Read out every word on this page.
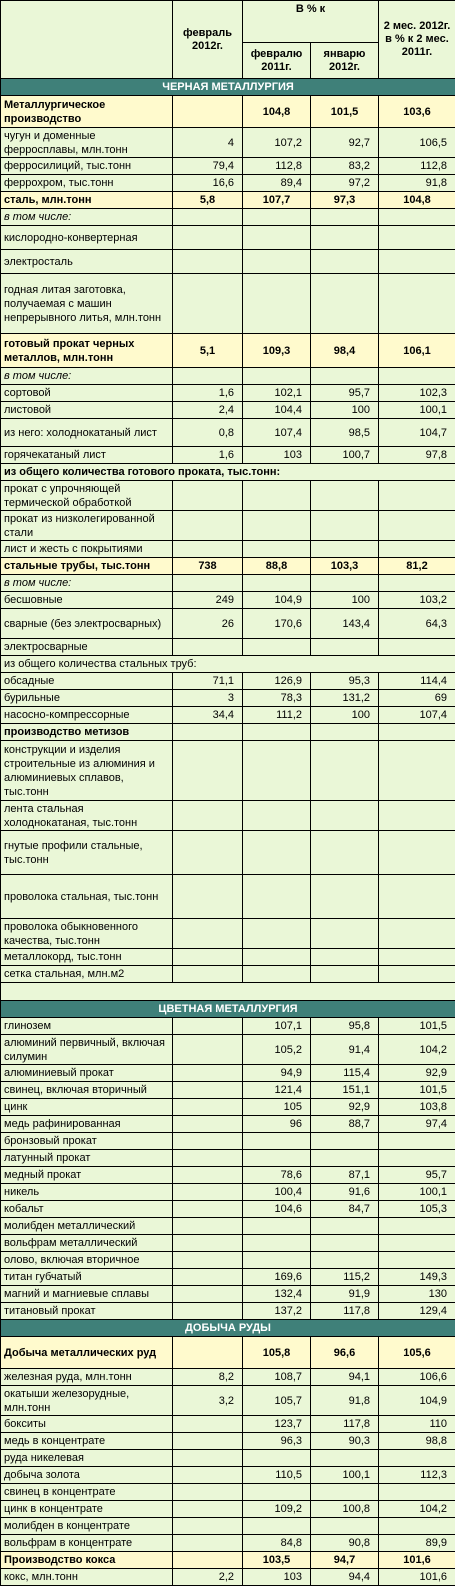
	февраль 2012г.	В % к		2 мес. 2012г. в % к 2 мес. 2011г.
		февралю 2011г.	январю 2012г.	
ЧЕРНАЯ МЕТАЛЛУРГИЯ				
Металлургическое производство		104,8	101,5	103,6
чугун и доменные ферросплавы, млн.тонн	4	107,2	92,7	106,5
ферросилиций, тыс.тонн	79,4	112,8	83,2	112,8
феррохром, тыс.тонн	16,6	89,4	97,2	91,8
сталь, млн.тонн	5,8	107,7	97,3	104,8
в том числе:				
кислородно-конвертерная				
электросталь				
годная литая заготовка, получаемая с машин непрерывного литья, млн.тонн				
готовый прокат черных металлов, млн.тонн	5,1	109,3	98,4	106,1
в том числе:				
сортовой	1,6	102,1	95,7	102,3
листовой	2,4	104,4	100	100,1
из него: холоднокатаный лист	0,8	107,4	98,5	104,7
горячекатаный лист	1,6	103	100,7	97,8
из общего количества готового проката, тыс.тонн:				
прокат с упрочняющей термической обработкой				
прокат из низколегированной стали				
лист и жесть с покрытиями				
стальные трубы, тыс.тонн	738	88,8	103,3	81,2
в том числе:				
бесшовные	249	104,9	100	103,2
сварные (без электросварных)	26	170,6	143,4	64,3
электросварные				
из общего количества стальных труб:				
обсадные	71,1	126,9	95,3	114,4
бурильные	3	78,3	131,2	69
насосно-компрессорные	34,4	111,2	100	107,4
производство метизов				
конструкции и изделия строительные из алюминия и алюминиевых сплавов, тыс.тонн				
лента стальная холоднокатаная, тыс.тонн				
гнутые профили стальные, тыс.тонн				
проволока стальная, тыс.тонн				
проволока обыкновенного качества, тыс.тонн				
металлокорд, тыс.тонн				
сетка стальная, млн.м2				

ЦВЕТНАЯ МЕТАЛЛУРГИЯ				
глинозем		107,1	95,8	101,5
алюминий первичный, включая силумин		105,2	91,4	104,2
алюминиевый прокат		94,9	115,4	92,9
свинец, включая вторичный		121,4	151,1	101,5
цинк		105	92,9	103,8
медь рафинированная		96	88,7	97,4
бронзовый прокат				
латунный прокат				
медный прокат		78,6	87,1	95,7
никель		100,4	91,6	100,1
кобальт		104,6	84,7	105,3
молибден металлический				
вольфрам металлический				
олово, включая вторичное				
титан губчатый		169,6	115,2	149,3
магний и магниевые сплавы		132,4	91,9	130
титановый прокат		137,2	117,8	129,4
ДОБЫЧА РУДЫ				
Добыча металлических руд		105,8	96,6	105,6
железная руда, млн.тонн	8,2	108,7	94,1	106,6
окатыши железорудные, млн.тонн	3,2	105,7	91,8	104,9
бокситы		123,7	117,8	110
медь в концентрате		96,3	90,3	98,8
руда никелевая				
добыча золота		110,5	100,1	112,3
свинец в концентрате				
цинк в концентрате		109,2	100,8	104,2
молибден в концентрате				
вольфрам в концентрате		84,8	90,8	89,9
Производство кокса		103,5	94,7	101,6
кокс, млн.тонн	2,2	103	94,4	101,6
